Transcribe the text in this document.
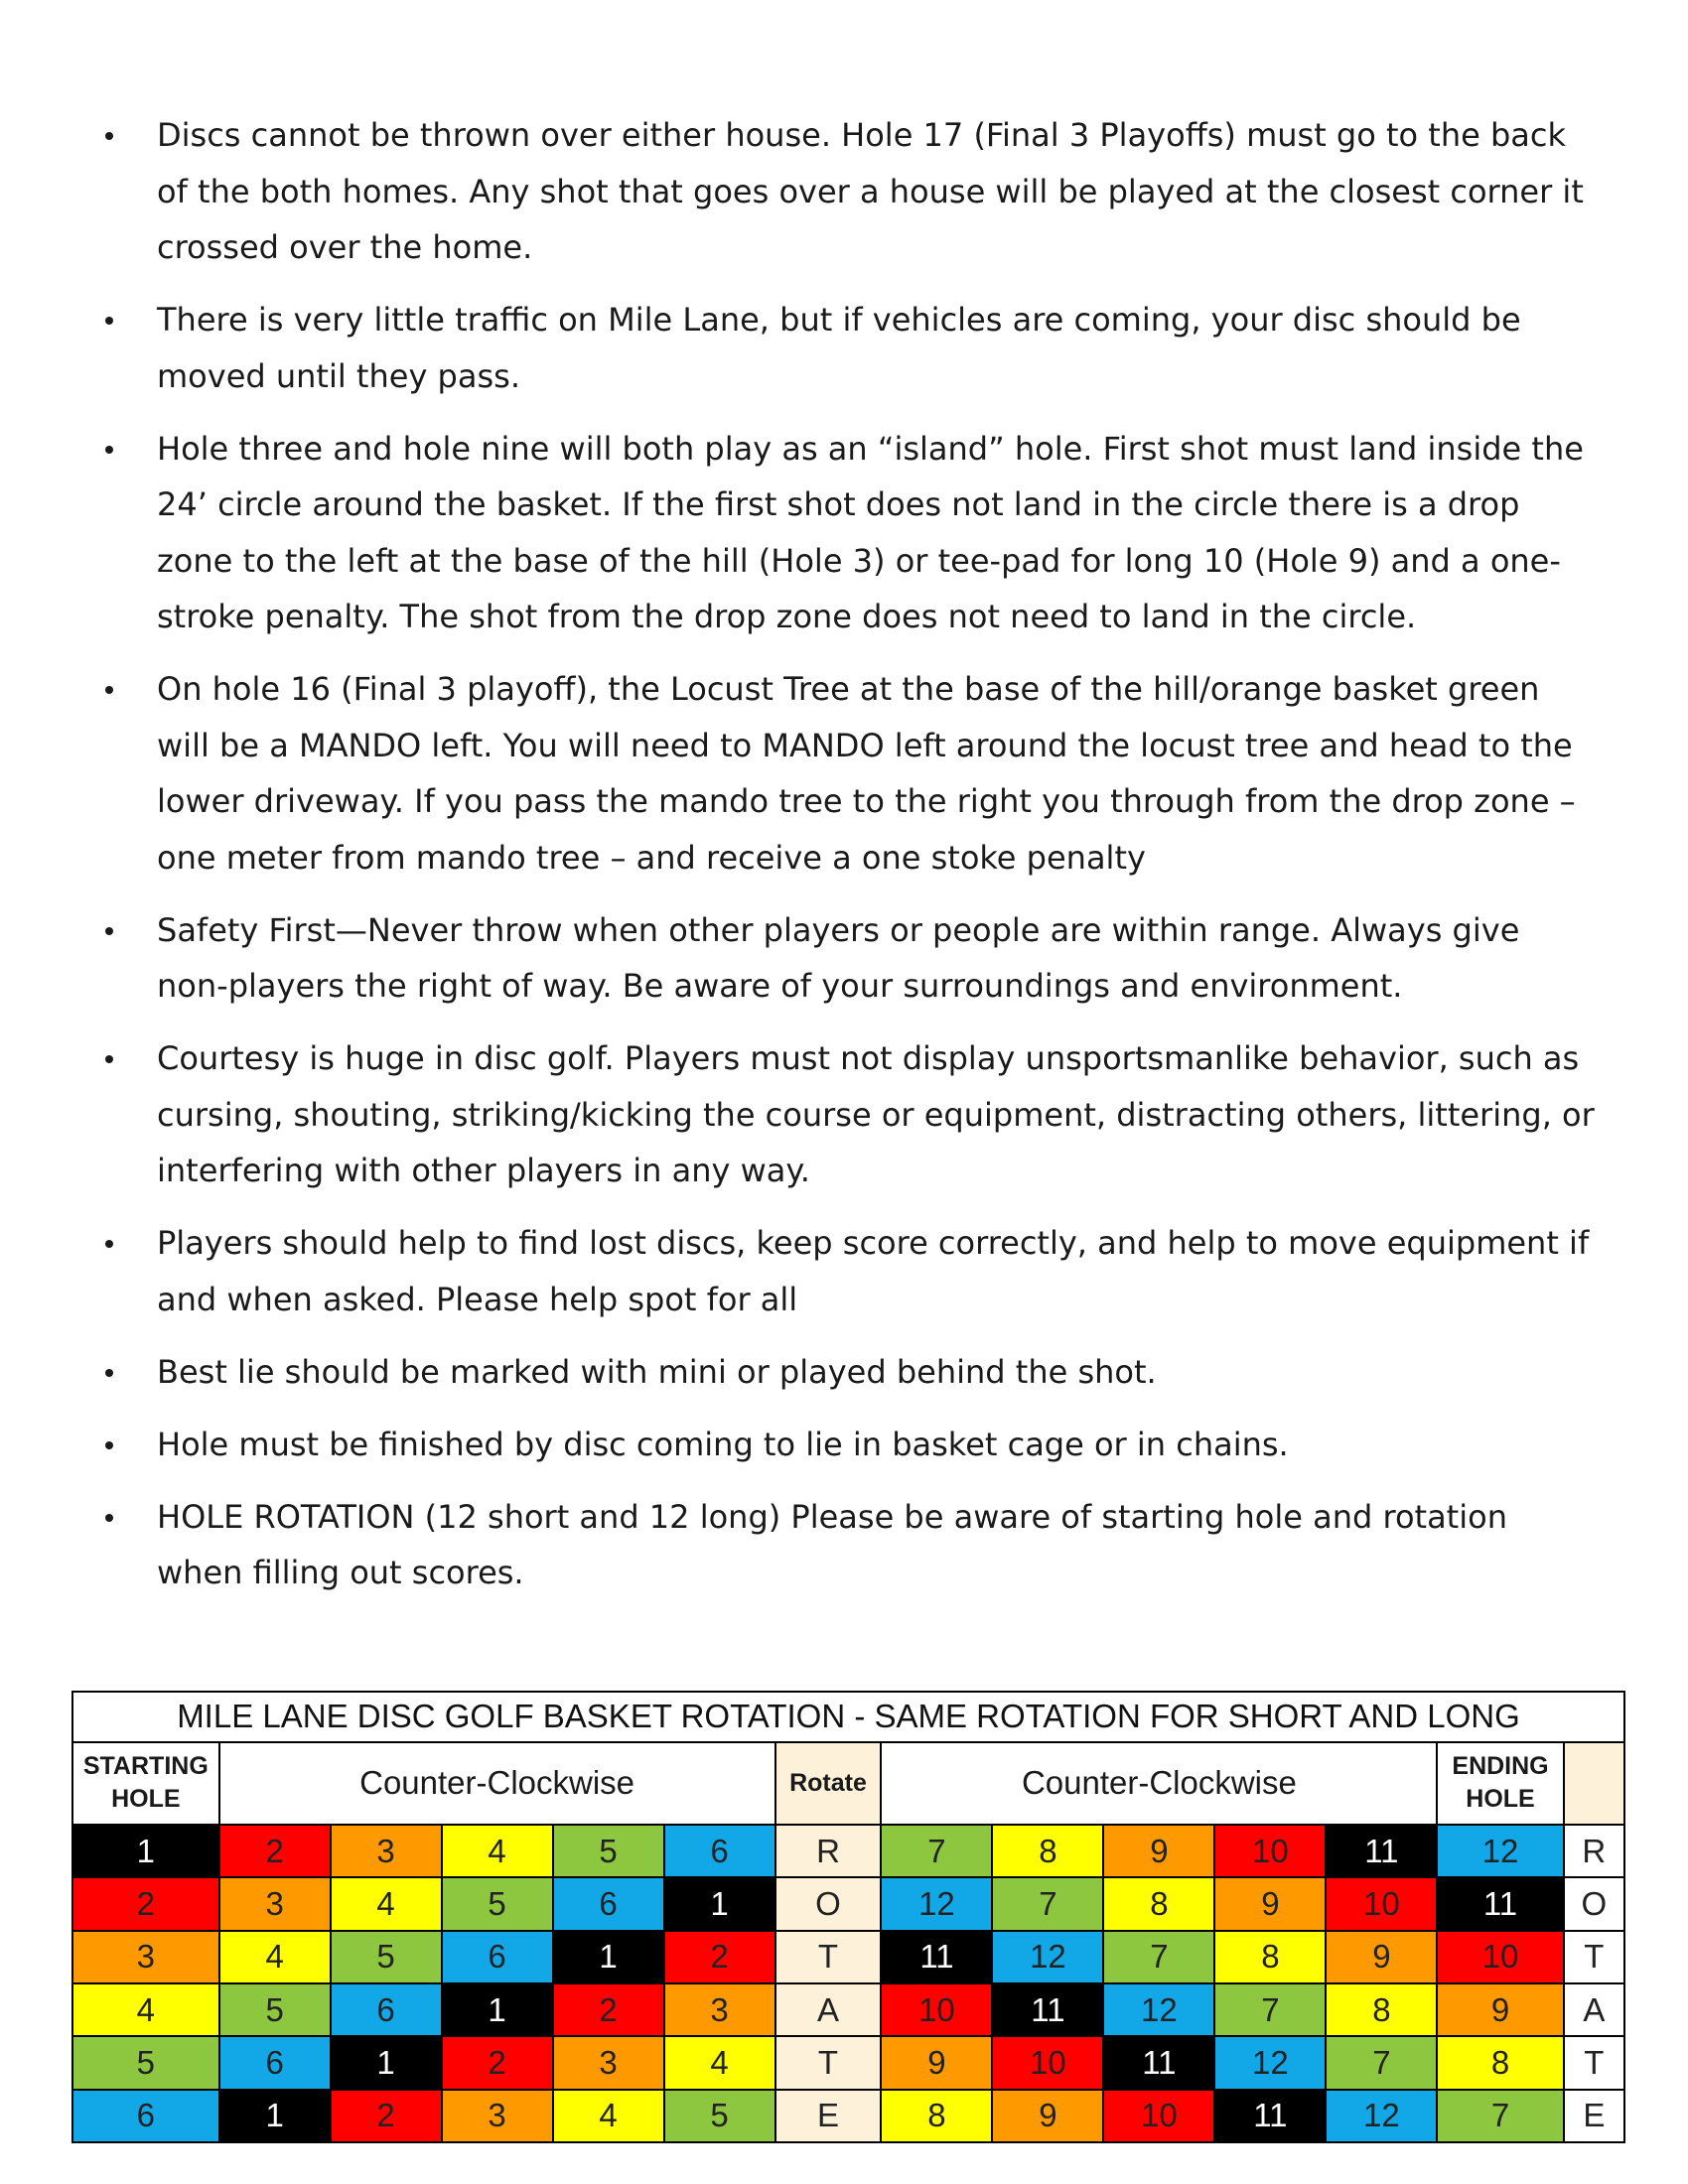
Discs cannot be thrown over either house. Hole 17 (Final 3 Playoffs) must go to the back of the both homes. Any shot that goes over a house will be played at the closest corner it crossed over the home.
There is very little traffic on Mile Lane, but if vehicles are coming, your disc should be moved until they pass.
Hole three and hole nine will both play as an “island” hole. First shot must land inside the 24’ circle around the basket. If the first shot does not land in the circle there is a drop zone to the left at the base of the hill (Hole 3) or tee-pad for long 10 (Hole 9) and a one-stroke penalty. The shot from the drop zone does not need to land in the circle.
On hole 16 (Final 3 playoff), the Locust Tree at the base of the hill/orange basket green will be a MANDO left. You will need to MANDO left around the locust tree and head to the lower driveway. If you pass the mando tree to the right you through from the drop zone – one meter from mando tree – and receive a one stoke penalty
Safety First—Never throw when other players or people are within range. Always give non-players the right of way. Be aware of your surroundings and environment.
Courtesy is huge in disc golf. Players must not display unsportsmanlike behavior, such as cursing, shouting, striking/kicking the course or equipment, distracting others, littering, or interfering with other players in any way.
Players should help to find lost discs, keep score correctly, and help to move equipment if and when asked. Please help spot for all
Best lie should be marked with mini or played behind the shot.
Hole must be finished by disc coming to lie in basket cage or in chains.
HOLE ROTATION (12 short and 12 long) Please be aware of starting hole and rotation when filling out scores.
MILE LANE DISC GOLF BASKET ROTATION - SAME ROTATION FOR SHORT AND LONG													
STARTING HOLE	Counter-Clockwise					Rotate	Counter-Clockwise					ENDING HOLE	
1	2	3	4	5	6	R	7	8	9	10	11	12	R
2	3	4	5	6	1	O	12	7	8	9	10	11	O
3	4	5	6	1	2	T	11	12	7	8	9	10	T
4	5	6	1	2	3	A	10	11	12	7	8	9	A
5	6	1	2	3	4	T	9	10	11	12	7	8	T
6	1	2	3	4	5	E	8	9	10	11	12	7	E
